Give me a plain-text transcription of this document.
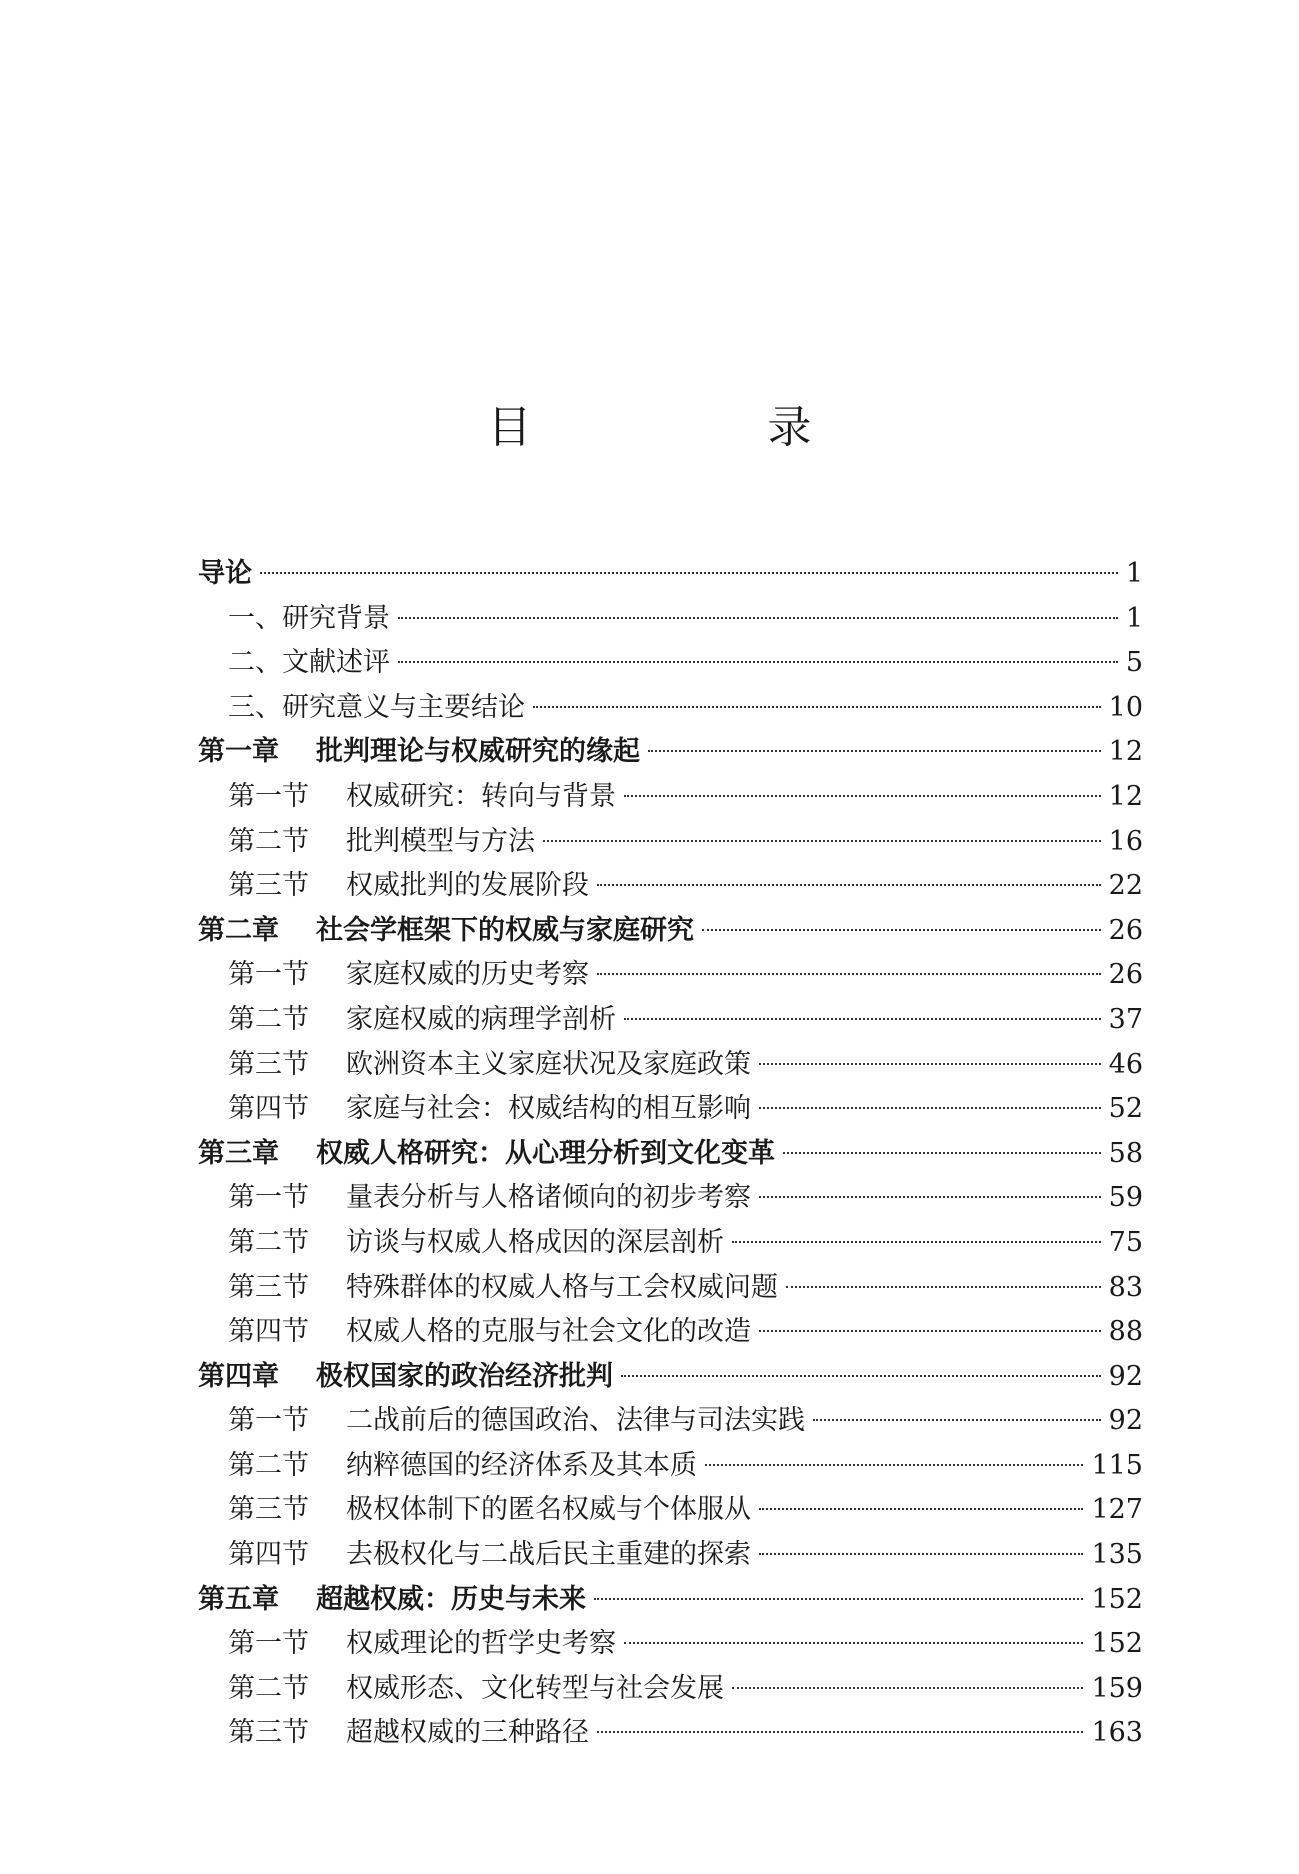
目　录
导论	1
一、研究背景	1
二、文献述评	5
三、研究意义与主要结论	10
第一章 批判理论与权威研究的缘起	12
第一节 权威研究：转向与背景	12
第二节 批判模型与方法	16
第三节 权威批判的发展阶段	22
第二章 社会学框架下的权威与家庭研究	26
第一节 家庭权威的历史考察	26
第二节 家庭权威的病理学剖析	37
第三节 欧洲资本主义家庭状况及家庭政策	46
第四节 家庭与社会：权威结构的相互影响	52
第三章 权威人格研究：从心理分析到文化变革	58
第一节 量表分析与人格诸倾向的初步考察	59
第二节 访谈与权威人格成因的深层剖析	75
第三节 特殊群体的权威人格与工会权威问题	83
第四节 权威人格的克服与社会文化的改造	88
第四章 极权国家的政治经济批判	92
第一节 二战前后的德国政治、法律与司法实践	92
第二节 纳粹德国的经济体系及其本质	115
第三节 极权体制下的匿名权威与个体服从	127
第四节 去极权化与二战后民主重建的探索	135
第五章 超越权威：历史与未来	152
第一节 权威理论的哲学史考察	152
第二节 权威形态、文化转型与社会发展	159
第三节 超越权威的三种路径	163
